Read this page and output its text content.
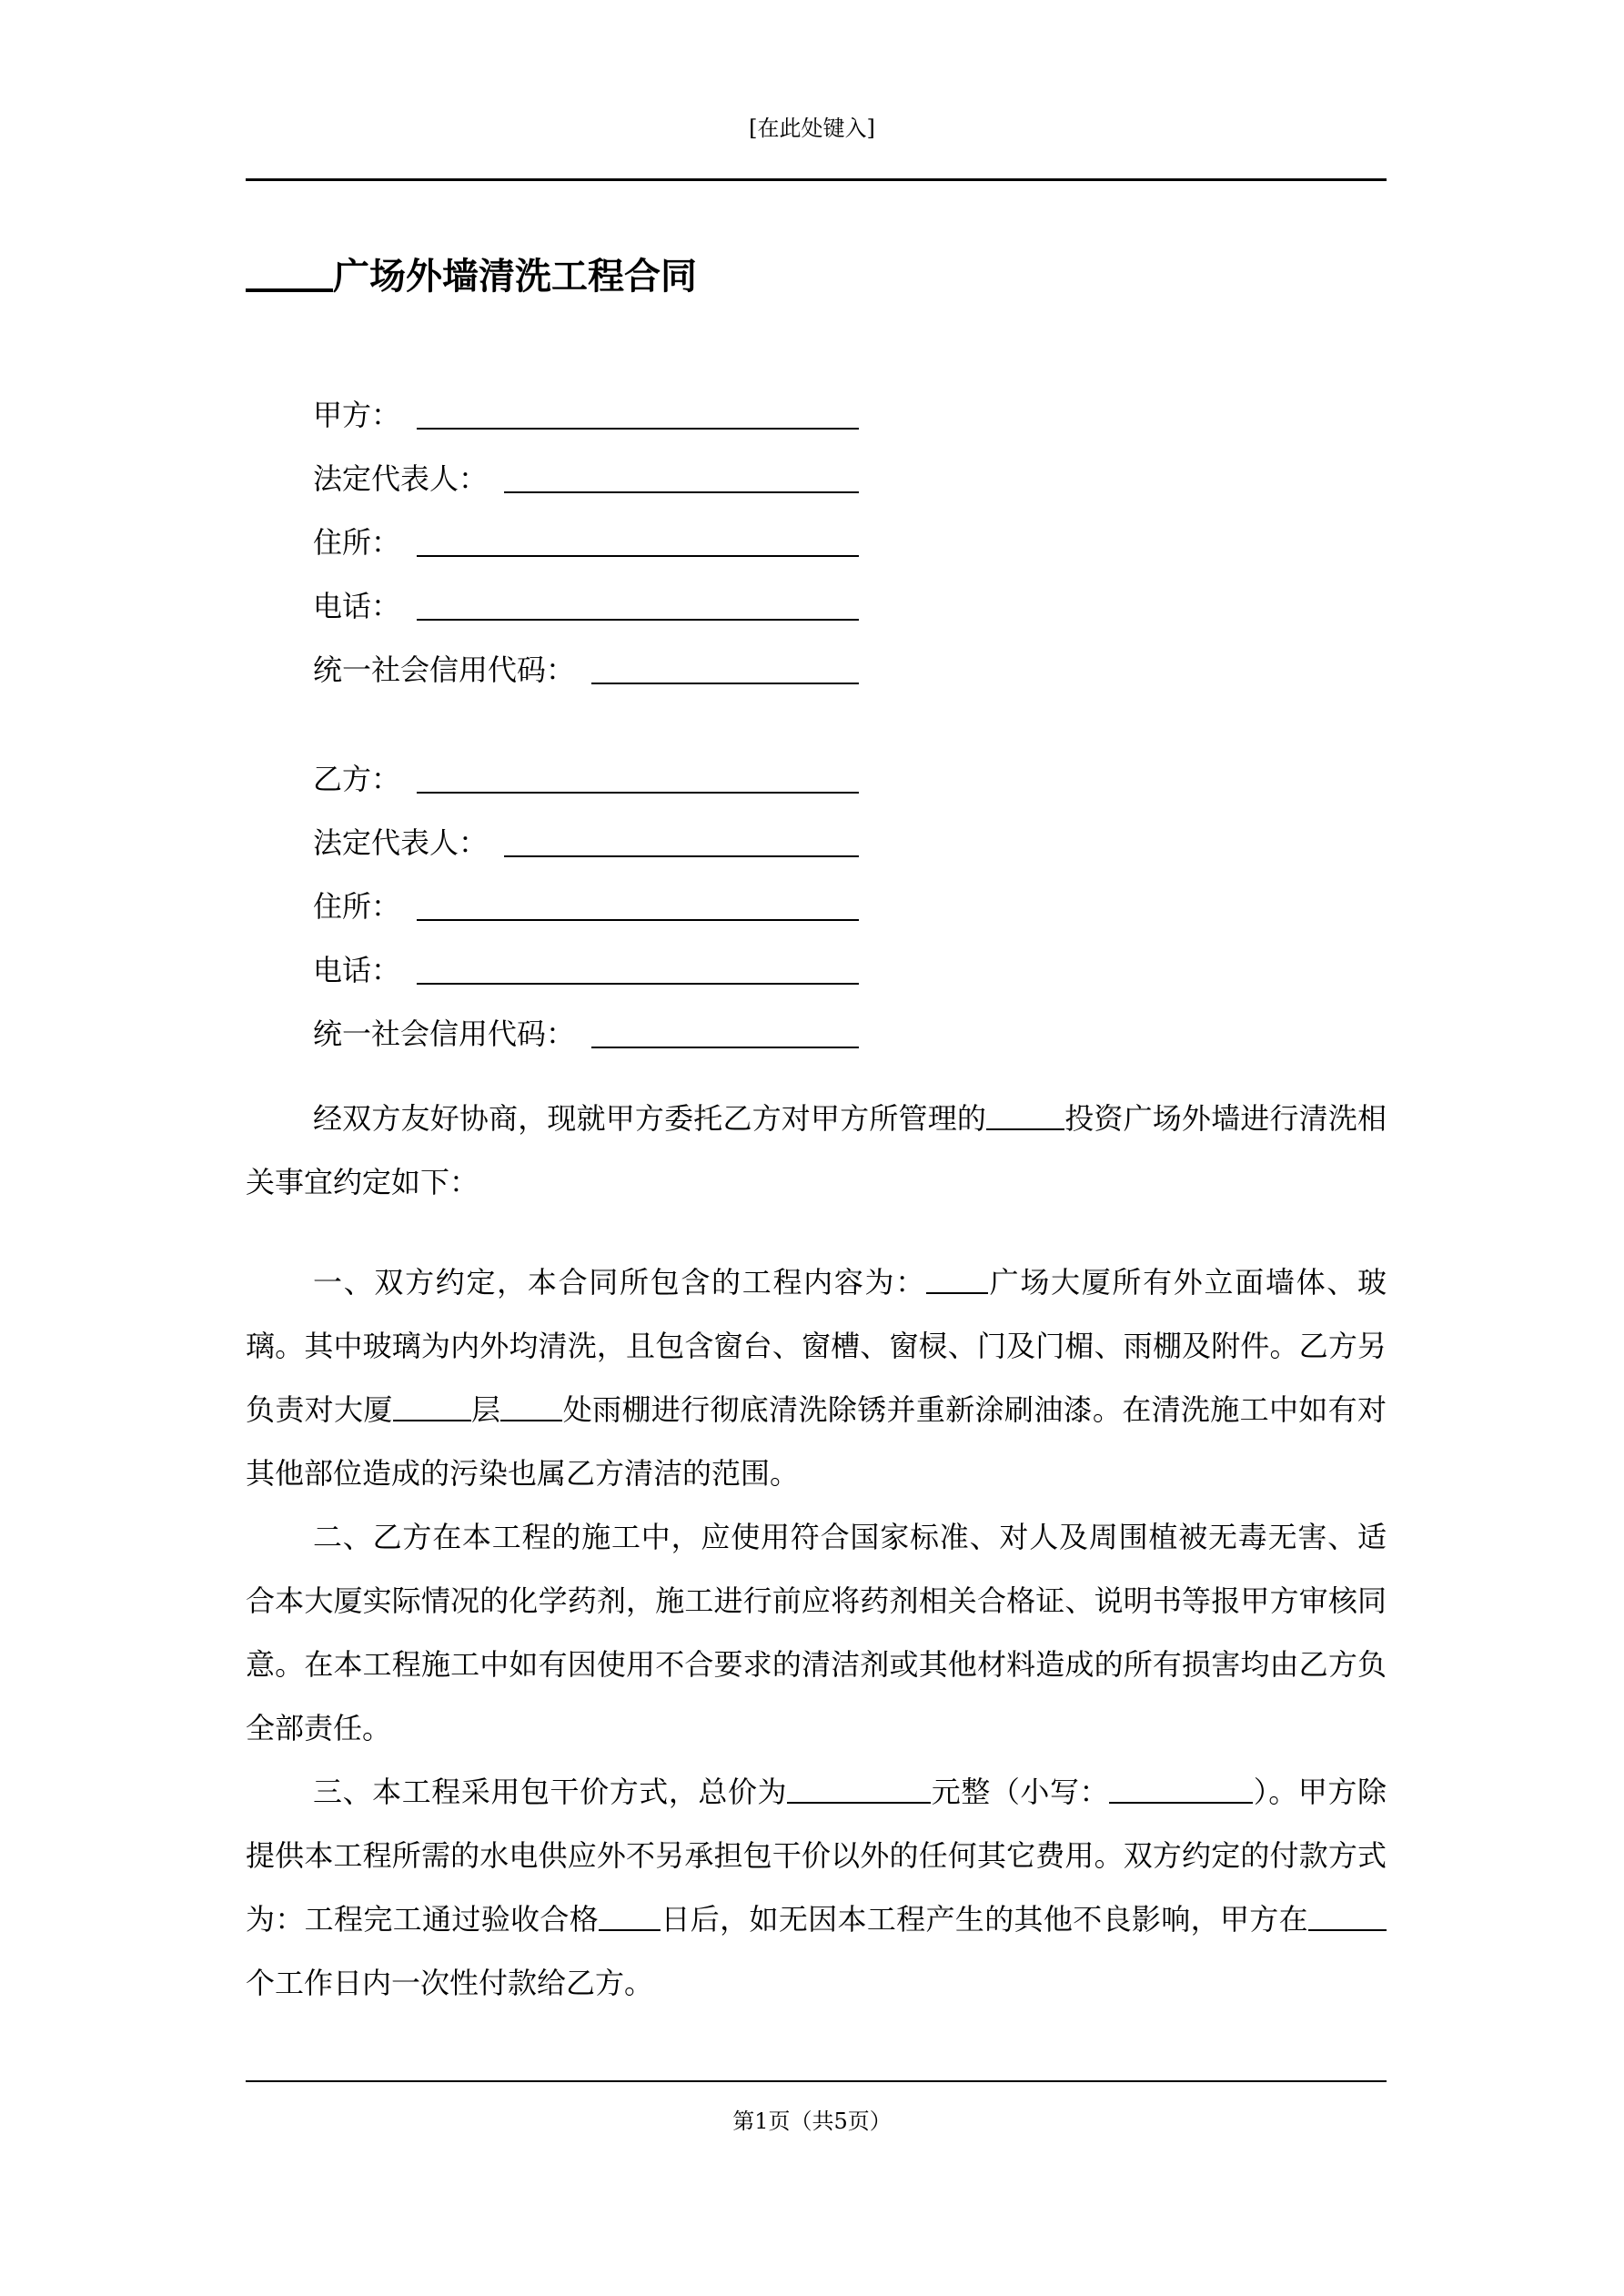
[在此处键入]
广场外墙清洗工程合同
甲方：
法定代表人：
住所：
电话：
统一社会信用代码：
乙方：
法定代表人：
住所：
电话：
统一社会信用代码：

经双方友好协商，现就甲方委托乙方对甲方所管理的	投资广场外墙进行清洗相关事宜约定如下：

一、双方约定，本合同所包含的工程内容为： 广场大厦所有外立面墙体、玻璃。其中玻璃为内外均清洗，且包含窗台、窗槽、窗棂、门及门楣、雨棚及附件。乙方另负责对大厦	层 处雨棚进行彻底清洗除锈并重新涂刷油漆。在清洗施工中如有对其他部位造成的污染也属乙方清洁的范围。

二、乙方在本工程的施工中，应使用符合国家标准、对人及周围植被无毒无害、适合本大厦实际情况的化学药剂，施工进行前应将药剂相关合格证、说明书等报甲方审核同意。在本工程施工中如有因使用不合要求的清洁剂或其他材料造成的所有损害均由乙方负全部责任。

三、本工程采用包干价方式，总价为	元整（小写：	）。甲方除提供本工程所需的水电供应外不另承担包干价以外的任何其它费用。双方约定的付款方式为：工程完工通过验收合格 日后，如无因本工程产生的其他不良影响，甲方在个工作日内一次性付款给乙方。

第1页（共5页）
